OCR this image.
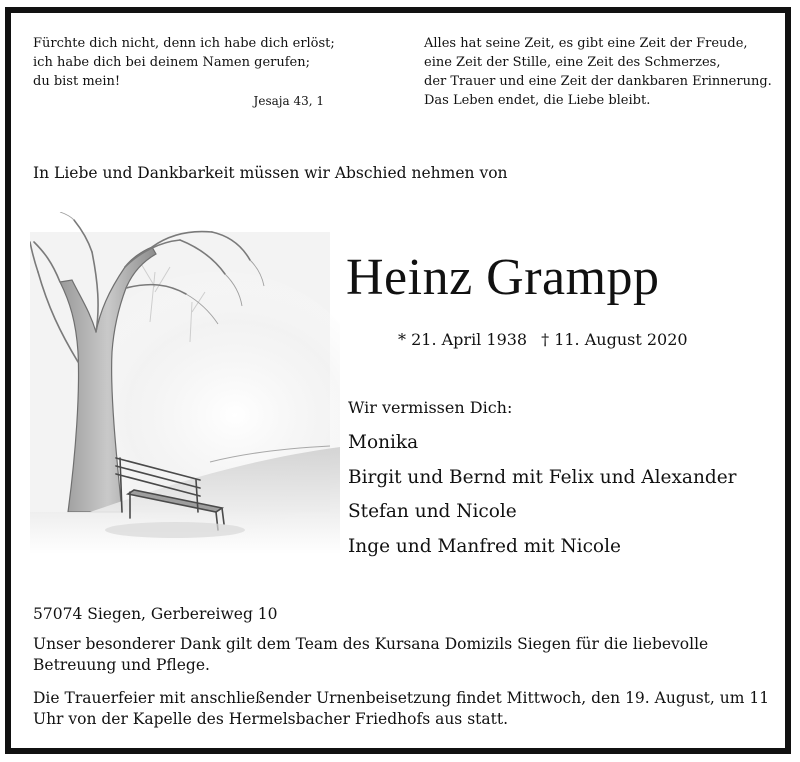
Fürchte dich nicht, denn ich habe dich erlöst;
ich habe dich bei deinem Namen gerufen;
du bist mein!
Jesaja 43, 1
Alles hat seine Zeit, es gibt eine Zeit der Freude,
eine Zeit der Stille, eine Zeit des Schmerzes,
der Trauer und eine Zeit der dankbaren Erinnerung.
Das Leben endet, die Liebe bleibt.
In Liebe und Dankbarkeit müssen wir Abschied nehmen von
Heinz Grampp
* 21. April 1938 † 11. August 2020
Wir vermissen Dich:
Monika
Birgit und Bernd mit Felix und Alexander
Stefan und Nicole
Inge und Manfred mit Nicole
57074 Siegen, Gerbereiweg 10
Unser besonderer Dank gilt dem Team des Kursana Domizils Siegen für die liebevolle Betreuung und Pflege.
Die Trauerfeier mit anschließender Urnenbeisetzung findet Mittwoch, den 19. August, um 11 Uhr von der Kapelle des Hermelsbacher Friedhofs aus statt.
